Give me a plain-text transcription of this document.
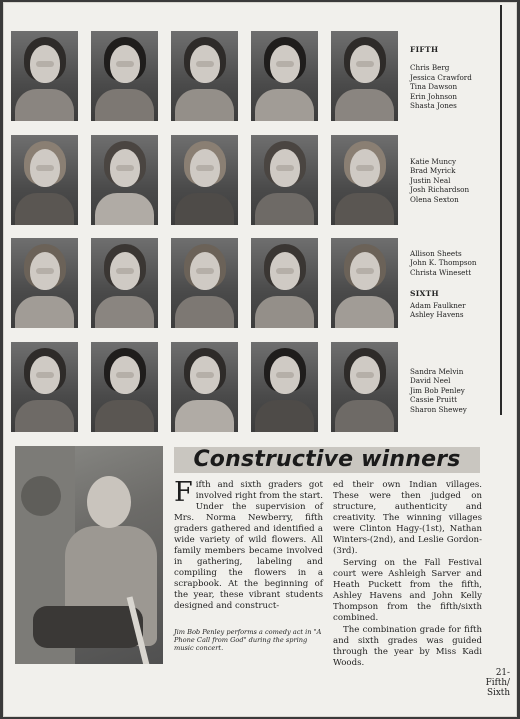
FIFTH
Chris Berg
Jessica Crawford
Tina Dawson
Erin Johnson
Shasta Jones
Katie Muncy
Brad Myrick
Justin Neal
Josh Richardson
Olena Sexton
Allison Sheets
John K. Thompson
Christa Winesett
SIXTH
Adam Faulkner
Ashley Havens
Sandra Melvin
David Neel
Jim Bob Penley
Cassie Pruitt
Sharon Shewey
Constructive winners

Fifth and sixth graders got involved right from the start. Under the supervision of Mrs. Norma Newberry, fifth graders gathered and identified a wide variety of wild flowers. All family members became involved in gathering, labeling and compiling the flowers in a scrapbook. At the beginning of the year, these vibrant students designed and construct-

Jim Bob Penley performs a comedy act in "A Phone Call from God" during the spring music concert.

ed their own Indian villages. These were then judged on structure, authenticity and creativity. The winning villages were Clinton Hagy-(1st), Nathan Winters-(2nd), and Leslie Gordon-(3rd).

Serving on the Fall Festival court were Ashleigh Sarver and Heath Puckett from the fifth, Ashley Havens and John Kelly Thompson from the fifth/sixth combined.

The combination grade for fifth and sixth grades was guided through the year by Miss Kadi Woods.

21-
Fifth/
Sixth
